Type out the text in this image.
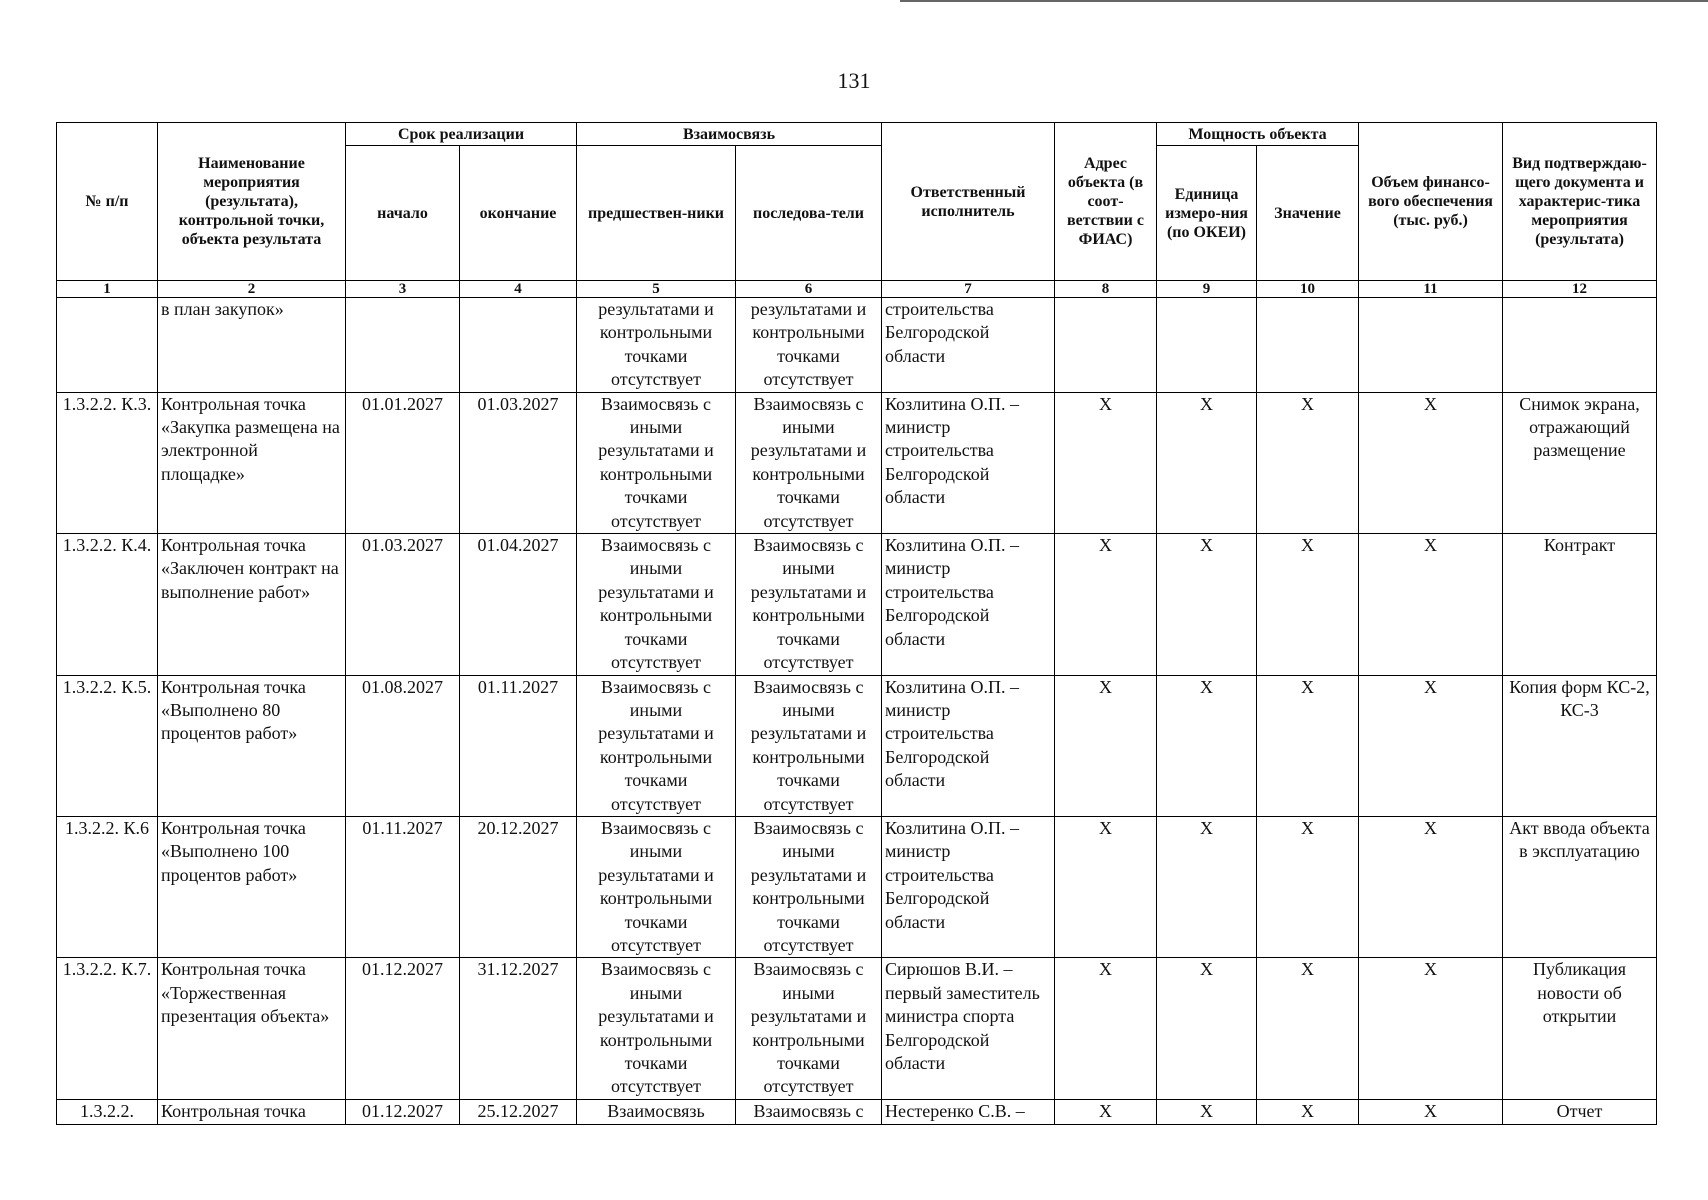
131
№ п/п	Наименование мероприятия (результата), контрольной точки, объекта результата	Срок реализации		Взаимосвязь		Ответственный исполнитель	Адрес объекта (в соот-ветствии с ФИАС)	Мощность объекта		Объем финансо-вого обеспечения (тыс. руб.)	Вид подтверждаю-щего документа и характерис-тика мероприятия (результата)
		начало	окончание	предшествен-ники	последова-тели			Единица измеро-ния (по ОКЕИ)	Значение		
1	2	3	4	5	6	7	8	9	10	11	12
	в план закупок»			результатами и контрольными точками отсутствует	результатами и контрольными точками отсутствует	строительства Белгородской области					
1.3.2.2. К.3.	Контрольная точка «Закупка размещена на электронной площадке»	01.01.2027	01.03.2027	Взаимосвязь с иными результатами и контрольными точками отсутствует	Взаимосвязь с иными результатами и контрольными точками отсутствует	Козлитина О.П. – министр строительства Белгородской области	Х	Х	Х	Х	Снимок экрана, отражающий размещение
1.3.2.2. К.4.	Контрольная точка «Заключен контракт на выполнение работ»	01.03.2027	01.04.2027	Взаимосвязь с иными результатами и контрольными точками отсутствует	Взаимосвязь с иными результатами и контрольными точками отсутствует	Козлитина О.П. – министр строительства Белгородской области	Х	Х	Х	Х	Контракт
1.3.2.2. К.5.	Контрольная точка «Выполнено 80 процентов работ»	01.08.2027	01.11.2027	Взаимосвязь с иными результатами и контрольными точками отсутствует	Взаимосвязь с иными результатами и контрольными точками отсутствует	Козлитина О.П. – министр строительства Белгородской области	Х	Х	Х	Х	Копия форм КС-2, КС-3
1.3.2.2. К.6	Контрольная точка «Выполнено 100 процентов работ»	01.11.2027	20.12.2027	Взаимосвязь с иными результатами и контрольными точками отсутствует	Взаимосвязь с иными результатами и контрольными точками отсутствует	Козлитина О.П. – министр строительства Белгородской области	Х	Х	Х	Х	Акт ввода объекта в эксплуатацию
1.3.2.2. К.7.	Контрольная точка «Торжественная презентация объекта»	01.12.2027	31.12.2027	Взаимосвязь с иными результатами и контрольными точками отсутствует	Взаимосвязь с иными результатами и контрольными точками отсутствует	Сирюшов В.И. – первый заместитель министра спорта Белгородской области	Х	Х	Х	Х	Публикация новости об открытии
1.3.2.2.	Контрольная точка	01.12.2027	25.12.2027	Взаимосвязь	Взаимосвязь с	Нестеренко С.В. –	Х	Х	Х	Х	Отчет
